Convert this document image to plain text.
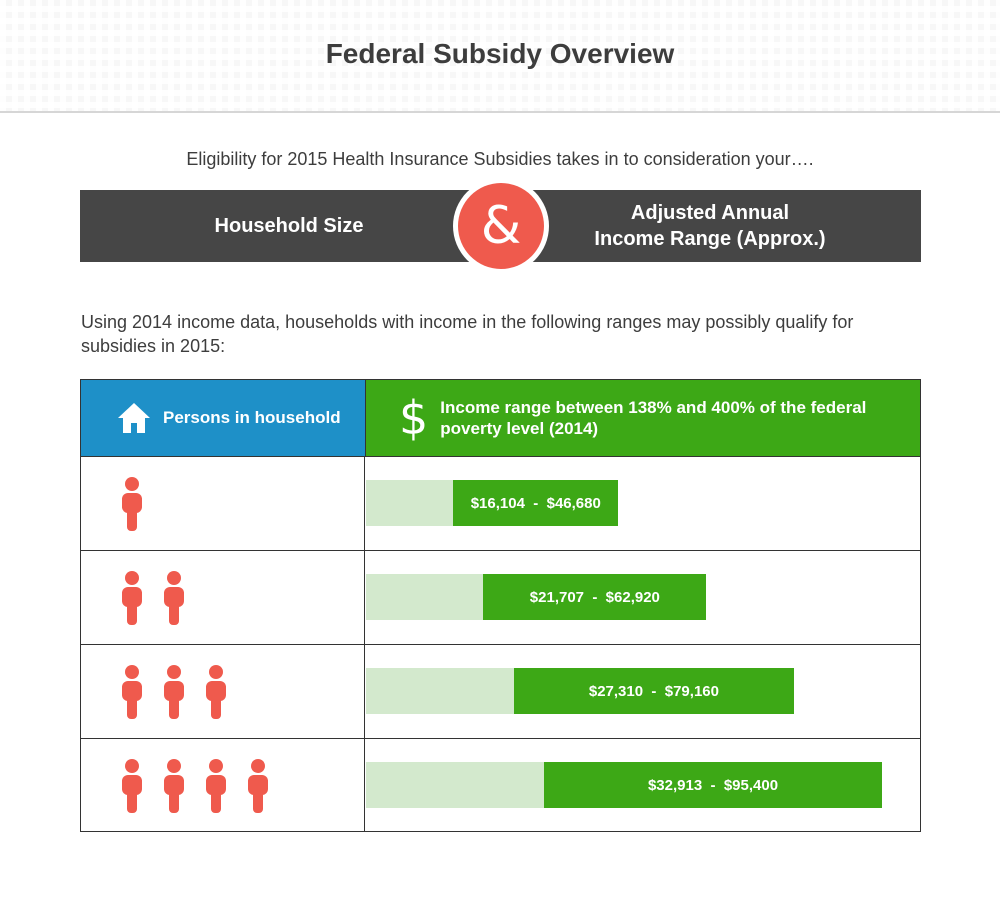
Federal Subsidy Overview
Eligibility for 2015 Health Insurance Subsidies takes in to consideration your….
Household Size	&	Adjusted Annual
Income Range (Approx.)
Using 2014 income data, households with income in the following ranges may possibly qualify for subsidies in 2015:
Persons in household $ Income range between 138% and 400% of the federal poverty level (2014)
$16,104  -  $46,680
$21,707  -  $62,920
$27,310  -  $79,160
$32,913  -  $95,400
